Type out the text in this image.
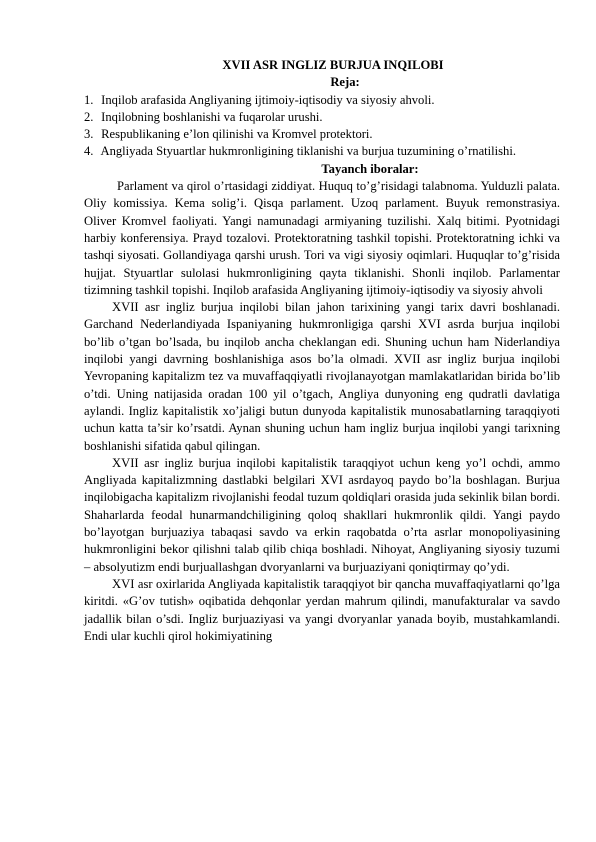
XVII ASR INGLIZ BURJUA INQILOBI

Reja:

1. Inqilob arafasida Angliyaning ijtimoiy-iqtisodiy va siyosiy ahvoli.
2. Inqilobning boshlanishi va fuqarolar urushi.
3. Respublikaning e’lon qilinishi va Kromvel protektori.
4. Angliyada Styuartlar hukmronligining tiklanishi va burjua tuzumining o’rnatilishi.

Tayanch iboralar:

Parlament va qirol o’rtasidagi ziddiyat. Huquq to’g’risidagi talabnoma. Yulduzli palata. Oliy komissiya. Kema solig’i. Qisqa parlament. Uzoq parlament. Buyuk remonstrasiya. Oliver Kromvel faoliyati. Yangi namunadagi armiyaning tuzilishi. Xalq bitimi. Pyotnidagi harbiy konferensiya. Prayd tozalovi. Protektoratning tashkil topishi. Protektoratning ichki va tashqi siyosati. Gollandiyaga qarshi urush. Tori va vigi siyosiy oqimlari. Huquqlar to’g’risida hujjat. Styuartlar sulolasi hukmronligining qayta tiklanishi. Shonli inqilob. Parlamentar tizimning tashkil topishi. Inqilob arafasida Angliyaning ijtimoiy-iqtisodiy va siyosiy ahvoli

XVII asr ingliz burjua inqilobi bilan jahon tarixining yangi tarix davri boshlanadi. Garchand Nederlandiyada Ispaniyaning hukmronligiga qarshi XVI asrda burjua inqilobi bo’lib o’tgan bo’lsada, bu inqilob ancha cheklangan edi. Shuning uchun ham Niderlandiya inqilobi yangi davrning boshlanishiga asos bo’la olmadi. XVII asr ingliz burjua inqilobi Yevropaning kapitalizm tez va muvaffaqqiyatli rivojlanayotgan mamlakatlaridan birida bo’lib o’tdi. Uning natijasida oradan 100 yil o’tgach, Angliya dunyoning eng qudratli davlatiga aylandi. Ingliz kapitalistik xo’jaligi butun dunyoda kapitalistik munosabatlarning taraqqiyoti uchun katta ta’sir ko’rsatdi. Aynan shuning uchun ham ingliz burjua inqilobi yangi tarixning boshlanishi sifatida qabul qilingan.

XVII asr ingliz burjua inqilobi kapitalistik taraqqiyot uchun keng yo’l ochdi, ammo Angliyada kapitalizmning dastlabki belgilari XVI asrdayoq paydo bo’la boshlagan. Burjua inqilobigacha kapitalizm rivojlanishi feodal tuzum qoldiqlari orasida juda sekinlik bilan bordi. Shaharlarda feodal hunarmandchiligining qoloq shakllari hukmronlik qildi. Yangi paydo bo’layotgan burjuaziya tabaqasi savdo va erkin raqobatda o’rta asrlar monopoliyasining hukmronligini bekor qilishni talab qilib chiqa boshladi. Nihoyat, Angliyaning siyosiy tuzumi – absolyutizm endi burjuallashgan dvoryanlarni va burjuaziyani qoniqtirmay qo’ydi.

XVI asr oxirlarida Angliyada kapitalistik taraqqiyot bir qancha muvaffaqiyatlarni qo’lga kiritdi. «G’ov tutish» oqibatida dehqonlar yerdan mahrum qilindi, manufakturalar va savdo jadallik bilan o’sdi. Ingliz burjuaziyasi va yangi dvoryanlar yanada boyib, mustahkamlandi. Endi ular kuchli qirol hokimiyatining
